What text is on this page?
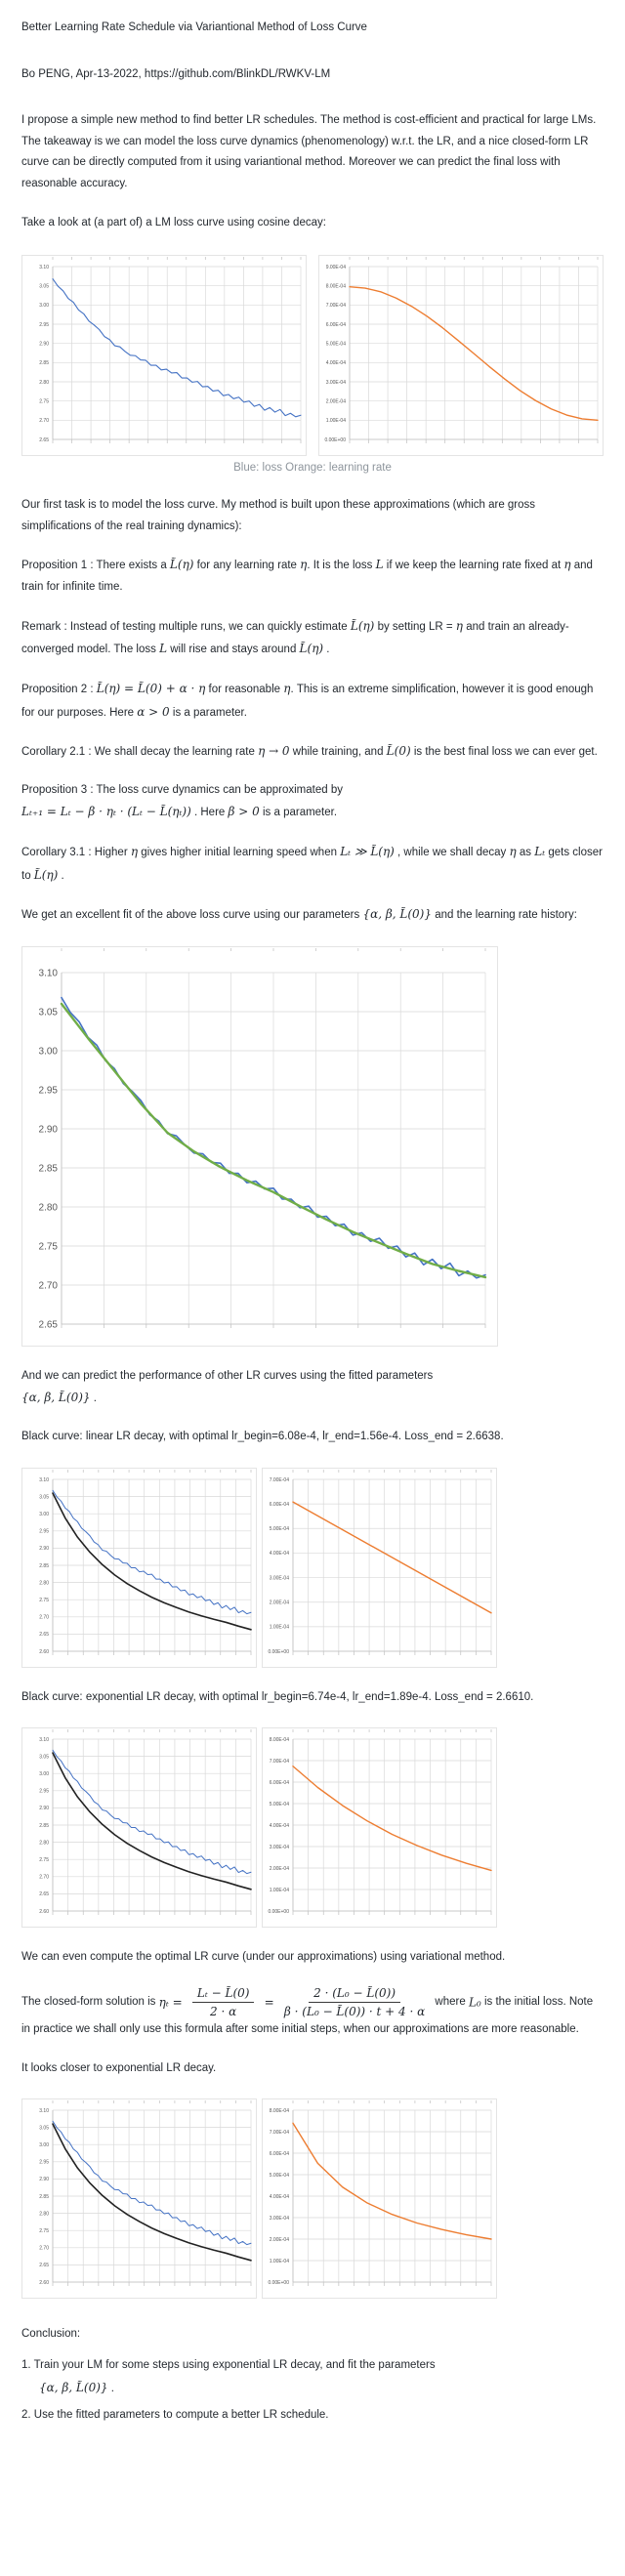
Better Learning Rate Schedule via Variantional Method of Loss Curve

Bo PENG, Apr-13-2022, https://github.com/BlinkDL/RWKV-LM

I propose a simple new method to find better LR schedules. The method is cost-efficient and practical for large LMs. The takeaway is we can model the loss curve dynamics (phenomenology) w.r.t. the LR, and a nice closed-form LR curve can be directly computed from it using variantional method. Moreover we can predict the final loss with reasonable accuracy.

Take a look at (a part of) a LM loss curve using cosine decay:

3.10
3.05
3.00
2.95
2.90
2.85
2.80
2.75
2.70
2.65
9.00E-04
8.00E-04
7.00E-04
6.00E-04
5.00E-04
4.00E-04
3.00E-04
2.00E-04
1.00E-04
0.00E+00

Blue: loss Orange: learning rate

Our first task is to model the loss curve. My method is built upon these approximations (which are gross simplifications of the real training dynamics):

Proposition 1 : There exists a L̃(η) for any learning rate η. It is the loss L if we keep the learning rate fixed at η and train for infinite time.

Remark : Instead of testing multiple runs, we can quickly estimate L̃(η) by setting LR = η and train an already-converged model. The loss L will rise and stays around L̃(η) .

Proposition 2 : L̃(η) = L̃(0) + α · η for reasonable η. This is an extreme simplification, however it is good enough for our purposes. Here α > 0 is a parameter.

Corollary 2.1 : We shall decay the learning rate η → 0 while training, and L̃(0) is the best final loss we can ever get.

Proposition 3 : The loss curve dynamics can be approximated by
Lₜ₊₁ = Lₜ − β · ηₜ · (Lₜ − L̃(ηₜ)) . Here β > 0 is a parameter.

Corollary 3.1 : Higher η gives higher initial learning speed when Lₜ ≫ L̃(η) , while we shall decay η as Lₜ gets closer to L̃(η) .

We get an excellent fit of the above loss curve using our parameters {α, β, L̃(0)} and the learning rate history:

3.10
3.05
3.00
2.95
2.90
2.85
2.80
2.75
2.70
2.65

And we can predict the performance of other LR curves using the fitted parameters
{α, β, L̃(0)} .

Black curve: linear LR decay, with optimal lr_begin=6.08e-4, lr_end=1.56e-4. Loss_end = 2.6638.

3.10
3.05
3.00
2.95
2.90
2.85
2.80
2.75
2.70
2.65
2.60
7.00E-04
6.00E-04
5.00E-04
4.00E-04
3.00E-04
2.00E-04
1.00E-04
0.00E+00

Black curve: exponential LR decay, with optimal lr_begin=6.74e-4, lr_end=1.89e-4. Loss_end = 2.6610.

3.10
3.05
3.00
2.95
2.90
2.85
2.80
2.75
2.70
2.65
2.60
8.00E-04
7.00E-04
6.00E-04
5.00E-04
4.00E-04
3.00E-04
2.00E-04
1.00E-04
0.00E+00

We can even compute the optimal LR curve (under our approximations) using variational method.

The closed-form solution is $\eta_t = \frac{\text{Lₜ − L̃(0)}}{2 \cdot \alpha} = \frac{\text{2 · (L₀ − L̃(0))}}{\text{β · (L₀ − L̃(0)) · t + 4 · α}}$ where L₀ is the initial loss. Note in practice we shall only use this formula after some initial steps, when our approximations are more reasonable.

It looks closer to exponential LR decay.

3.10
3.05
3.00
2.95
2.90
2.85
2.80
2.75
2.70
2.65
2.60
8.00E-04
7.00E-04
6.00E-04
5.00E-04
4.00E-04
3.00E-04
2.00E-04
1.00E-04
0.00E+00

Conclusion:

1. Train your LM for some steps using exponential LR decay, and fit the parameters
{α, β, L̃(0)} .

2. Use the fitted parameters to compute a better LR schedule.
